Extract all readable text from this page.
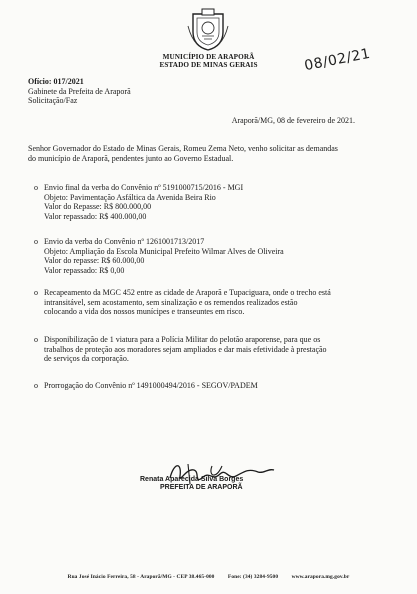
MUNICÍPIO DE ARAPORÃ
ESTADO DE MINAS GERAIS	08/02/21
Ofício: 017/2021
Gabinete da Prefeita de Araporã
Solicitação/Faz
Araporã/MG, 08 de fevereiro de 2021.
Senhor Governador do Estado de Minas Gerais, Romeu Zema Neto, venho solicitar as demandas
do município de Araporã, pendentes junto ao Governo Estadual.
o Envio final da verba do Convênio nº 5191000715/2016 - MGI
Objeto: Pavimentação Asfáltica da Avenida Beira Rio
Valor do Repasse: R$ 800.000,00
Valor repassado: R$ 400.000,00
o Envio da verba do Convênio nº 1261001713/2017
Objeto: Ampliação da Escola Municipal Prefeito Wilmar Alves de Oliveira
Valor do repasse: R$ 60.000,00
Valor repassado: R$ 0,00
o Recapeamento da MGC 452 entre as cidade de Araporã e Tupaciguara, onde o trecho está
intransitável, sem acostamento, sem sinalização e os remendos realizados estão
colocando a vida dos nossos munícipes e transeuntes em risco.
o Disponibilização de 1 viatura para a Polícia Militar do pelotão araporense, para que os
trabalhos de proteção aos moradores sejam ampliados e dar mais efetividade à prestação
de serviços da corporação.
o Prorrogação do Convênio nº 1491000494/2016 - SEGOV/PADEM
Renata Aparecida Silva Borges
PREFEITA DE ARAPORÃ
Rua José Inácio Ferreira, 58 - Araporã/MG - CEP 38.465-000 Fone: (34) 3284-9500 www.arapora.mg.gov.br
